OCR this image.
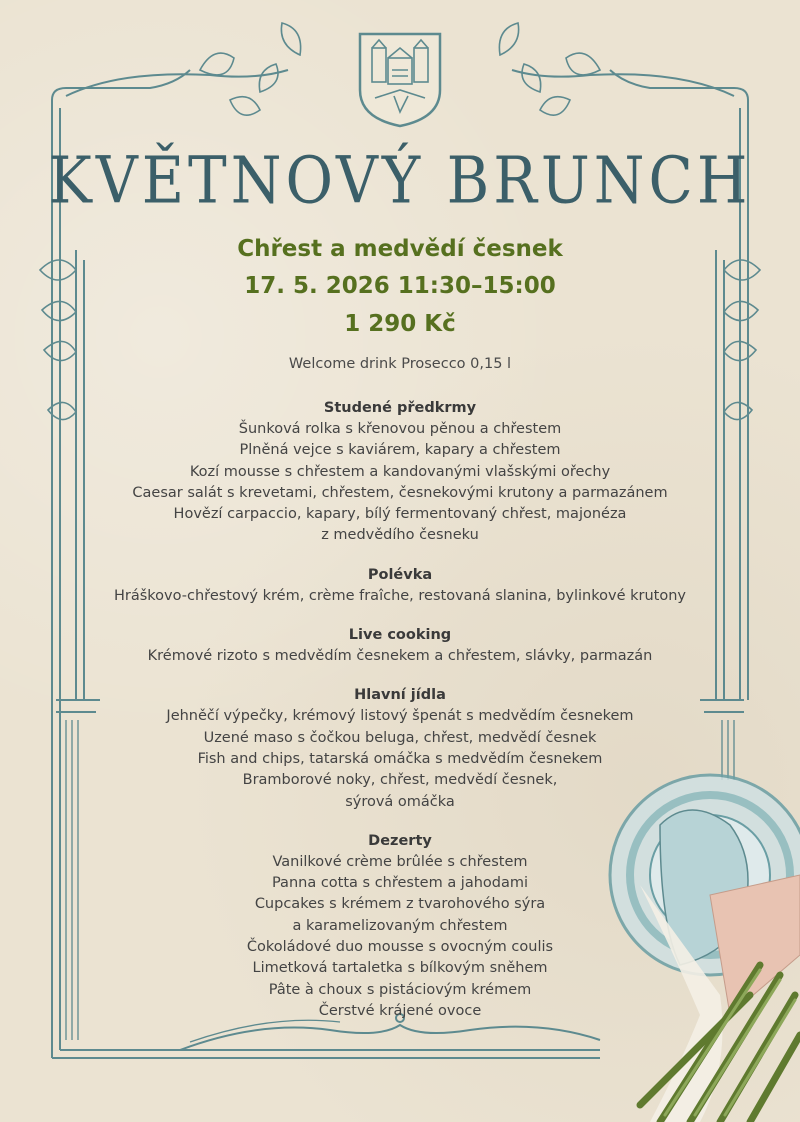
KVĚTNOVÝ BRUNCH
Chřest a medvědí česnek
17. 5. 2026 11:30–15:00
1 290 Kč
Welcome drink Prosecco 0,15 l
Studené předkrmy
Šunková rolka s křenovou pěnou a chřestem
Plněná vejce s kaviárem, kapary a chřestem
Kozí mousse s chřestem a kandovanými vlašskými ořechy
Caesar salát s krevetami, chřestem, česnekovými krutony a parmazánem
Hovězí carpaccio, kapary, bílý fermentovaný chřest, majonéza
z medvědího česneku
Polévka
Hráškovo-chřestový krém, crème fraîche, restovaná slanina, bylinkové krutony
Live cooking
Krémové rizoto s medvědím česnekem a chřestem, slávky, parmazán
Hlavní jídla
Jehněčí výpečky, krémový listový špenát s medvědím česnekem
Uzené maso s čočkou beluga, chřest, medvědí česnek
Fish and chips, tatarská omáčka s medvědím česnekem
Bramborové noky, chřest, medvědí česnek,
sýrová omáčka
Dezerty
Vanilkové crème brûlée s chřestem
Panna cotta s chřestem a jahodami
Cupcakes s krémem z tvarohového sýra
a karamelizovaným chřestem
Čokoládové duo mousse s ovocným coulis
Limetková tartaletka s bílkovým sněhem
Pâte à choux s pistáciovým krémem
Čerstvé krájené ovoce
